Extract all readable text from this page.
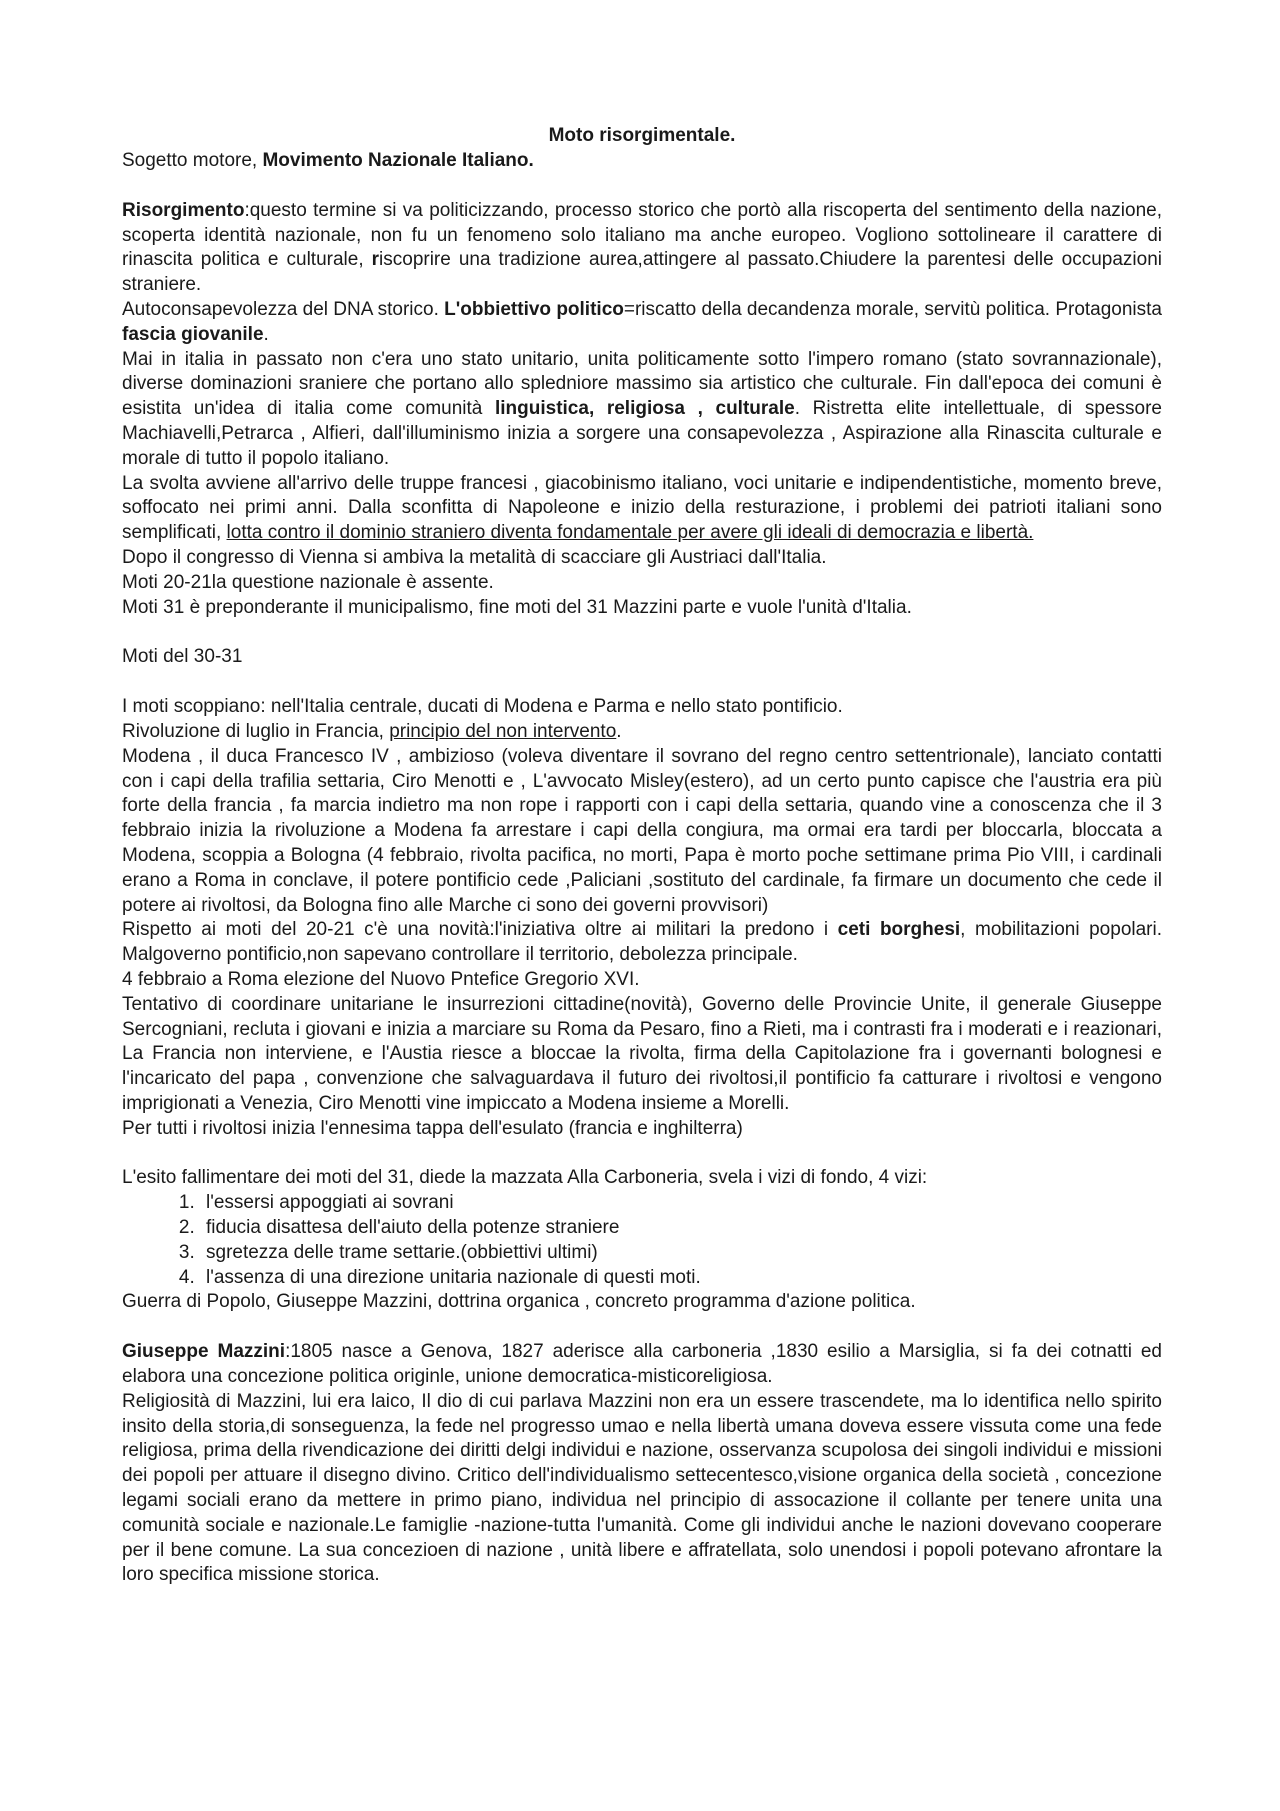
Moto risorgimentale.

Sogetto motore, Movimento Nazionale Italiano.

Risorgimento:questo termine si va politicizzando, processo storico che portò alla riscoperta del sentimento della nazione, scoperta identità nazionale, non fu un fenomeno solo italiano ma anche europeo. Vogliono sottolineare il carattere di rinascita politica e culturale, riscoprire una tradizione aurea,attingere al passato.Chiudere la parentesi delle occupazioni straniere.

Autoconsapevolezza del DNA storico. L'obbiettivo politico=riscatto della decandenza morale, servitù politica. Protagonista fascia giovanile.

Mai in italia in passato non c'era uno stato unitario, unita politicamente sotto l'impero romano (stato sovrannazionale), diverse dominazioni sraniere che portano allo spledniore massimo sia artistico che culturale. Fin dall'epoca dei comuni è esistita un'idea di italia come comunità linguistica, religiosa , culturale. Ristretta elite intellettuale, di spessore Machiavelli,Petrarca , Alfieri, dall'illuminismo inizia a sorgere una consapevolezza , Aspirazione alla Rinascita culturale e morale di tutto il popolo italiano.

La svolta avviene all'arrivo delle truppe francesi , giacobinismo italiano, voci unitarie e indipendentistiche, momento breve, soffocato nei primi anni. Dalla sconfitta di Napoleone e inizio della resturazione, i problemi dei patrioti italiani sono semplificati, lotta contro il dominio straniero diventa fondamentale per avere gli ideali di democrazia e libertà.

Dopo il congresso di Vienna si ambiva la metalità di scacciare gli Austriaci dall'Italia.

Moti 20-21la questione nazionale è assente.

Moti 31 è preponderante il municipalismo, fine moti del 31 Mazzini parte e vuole l'unità d'Italia.

Moti del 30-31

I moti scoppiano: nell'Italia centrale, ducati di Modena e Parma e nello stato pontificio.

Rivoluzione di luglio in Francia, principio del non intervento.

Modena , il duca Francesco IV , ambizioso (voleva diventare il sovrano del regno centro settentrionale), lanciato contatti con i capi della trafilia settaria, Ciro Menotti e , L'avvocato Misley(estero), ad un certo punto capisce che l'austria era più forte della francia , fa marcia indietro ma non rope i rapporti con i capi della settaria, quando vine a conoscenza che il 3 febbraio inizia la rivoluzione a Modena fa arrestare i capi della congiura, ma ormai era tardi per bloccarla, bloccata a Modena, scoppia a Bologna (4 febbraio, rivolta pacifica, no morti, Papa è morto poche settimane prima Pio VIII, i cardinali erano a Roma in conclave, il potere pontificio cede ,Paliciani ,sostituto del cardinale, fa firmare un documento che cede il potere ai rivoltosi, da Bologna fino alle Marche ci sono dei governi provvisori)

Rispetto ai moti del 20-21 c'è una novità:l'iniziativa oltre ai militari la predono i ceti borghesi, mobilitazioni popolari. Malgoverno pontificio,non sapevano controllare il territorio, debolezza principale.

4 febbraio a Roma elezione del Nuovo Pntefice Gregorio XVI.

Tentativo di coordinare unitariane le insurrezioni cittadine(novità), Governo delle Provincie Unite, il generale Giuseppe Sercogniani, recluta i giovani e inizia a marciare su Roma da Pesaro, fino a Rieti, ma i contrasti fra i moderati e i reazionari, La Francia non interviene, e l'Austia riesce a bloccae la rivolta, firma della Capitolazione fra i governanti bolognesi e l'incaricato del papa , convenzione che salvaguardava il futuro dei rivoltosi,il pontificio fa catturare i rivoltosi e vengono imprigionati a Venezia, Ciro Menotti vine impiccato a Modena insieme a Morelli.

Per tutti i rivoltosi inizia l'ennesima tappa dell'esulato (francia e inghilterra)

L'esito fallimentare dei moti del 31, diede la mazzata Alla Carboneria, svela i vizi di fondo, 4 vizi:

1. l'essersi appoggiati ai sovrani
2. fiducia disattesa dell'aiuto della potenze straniere
3. sgretezza delle trame settarie.(obbiettivi ultimi)
4. l'assenza di una direzione unitaria nazionale di questi moti.

Guerra di Popolo, Giuseppe Mazzini, dottrina organica , concreto programma d'azione politica.

Giuseppe Mazzini:1805 nasce a Genova, 1827 aderisce alla carboneria ,1830 esilio a Marsiglia, si fa dei cotnatti ed elabora una concezione politica originle, unione democratica-misticoreligiosa.

Religiosità di Mazzini, lui era laico, Il dio di cui parlava Mazzini non era un essere trascendete, ma lo identifica nello spirito insito della storia,di sonseguenza, la fede nel progresso umao e nella libertà umana doveva essere vissuta come una fede religiosa, prima della rivendicazione dei diritti delgi individui e nazione, osservanza scupolosa dei singoli individui e missioni dei popoli per attuare il disegno divino. Critico dell'individualismo settecentesco,visione organica della società , concezione legami sociali erano da mettere in primo piano, individua nel principio di assocazione il collante per tenere unita una comunità sociale e nazionale.Le famiglie -nazione-tutta l'umanità. Come gli individui anche le nazioni dovevano cooperare per il bene comune. La sua concezioen di nazione , unità libere e affratellata, solo unendosi i popoli potevano afrontare la loro specifica missione storica.
